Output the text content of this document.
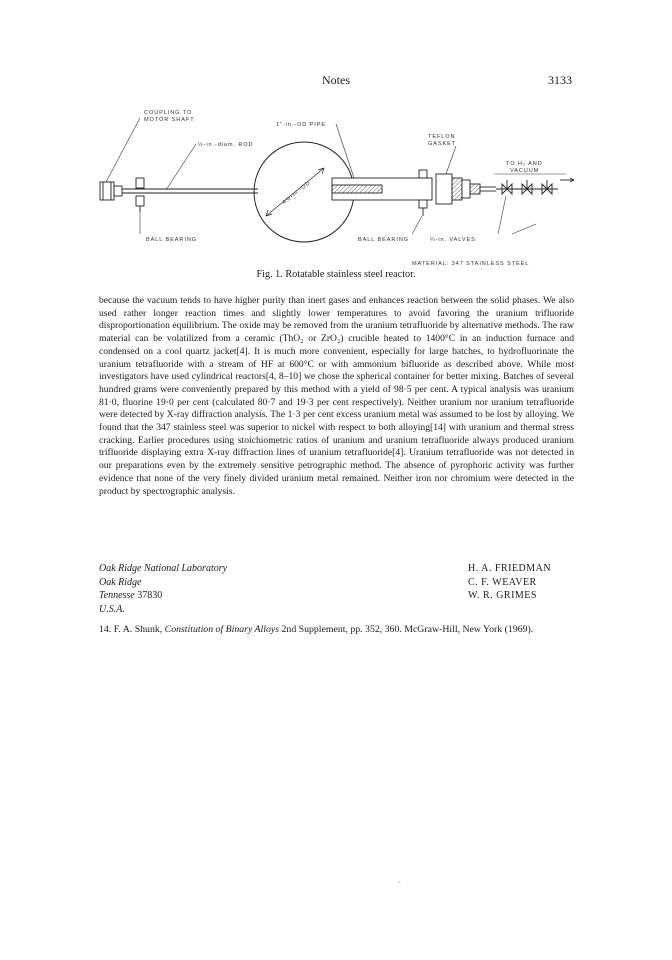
Notes	3133
4½-in.-OD
COUPLING TO
MOTOR SHAFT
1″-in.-OD PIPE
½-in.-diam. ROD
TEFLON
GASKET
TO H₂ AND
VACUUM
BALL BEARING	BALL BEARING	¼-in. VALVES
MATERIAL: 347 STAINLESS STEEL
Fig. 1. Rotatable stainless steel reactor.

because the vacuum tends to have higher purity than inert gases and enhances reaction between the solid phases. We also used rather longer reaction times and slightly lower temperatures to avoid favoring the uranium trifluoride disproportionation equilibrium. The oxide may be removed from the uranium tetrafluoride by alternative methods. The raw material can be volatilized from a ceramic (ThO₂ or ZrO₂) crucible heated to 1400°C in an induction furnace and condensed on a cool quartz jacket[4]. It is much more convenient, especially for large batches, to hydrofluorinate the uranium tetrafluoride with a stream of HF at 600°C or with ammonium bifluoride as described above. While most investigators have used cylindrical reactors[4, 8–10] we chose the spherical container for better mixing. Batches of several hundred grams were conveniently prepared by this method with a yield of 98·5 per cent. A typical analysis was uranium 81·0, fluorine 19·0 per cent (calculated 80·7 and 19·3 per cent respectively). Neither uranium nor uranium tetrafluoride were detected by X-ray diffraction analysis. The 1·3 per cent excess uranium metal was assumed to be lost by alloying. We found that the 347 stainless steel was superior to nickel with respect to both alloying[14] with uranium and thermal stress cracking. Earlier procedures using stoichiometric ratios of uranium and uranium tetrafluoride always produced uranium trifluoride displaying extra X-ray diffraction lines of uranium tetrafluoride[4]. Uranium tetrafluoride was not detected in our preparations even by the extremely sensitive petrographic method. The absence of pyrophoric activity was further evidence that none of the very finely divided uranium metal remained. Neither iron nor chromium were detected in the product by spectrographic analysis.

Oak Ridge National Laboratory
Oak Ridge
Tennesse 37830
U.S.A.
H. A. FRIEDMAN
C. F. WEAVER
W. R. GRIMES

14. F. A. Shunk, Constitution of Binary Alloys 2nd Supplement, pp. 352, 360. McGraw-Hill, New York (1969).

˜
